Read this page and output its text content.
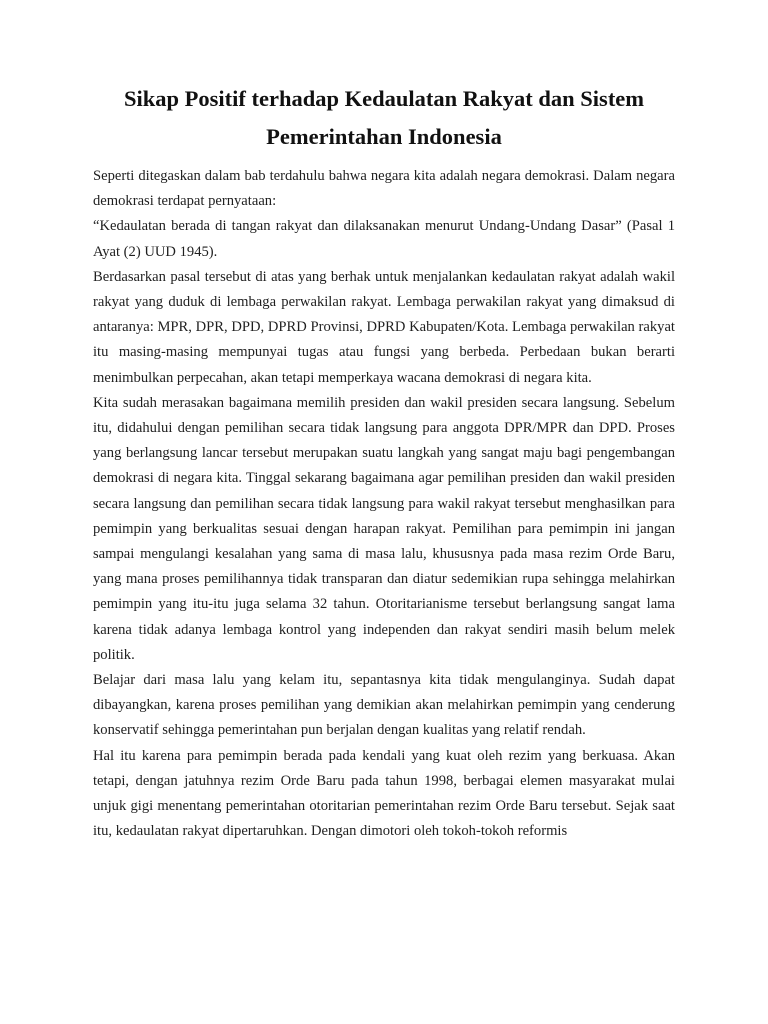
Sikap Positif terhadap Kedaulatan Rakyat dan Sistem
Pemerintahan Indonesia

Seperti ditegaskan dalam bab terdahulu bahwa negara kita adalah negara demokrasi. Dalam negara demokrasi terdapat pernyataan:

“Kedaulatan berada di tangan rakyat dan dilaksanakan menurut Undang-Undang Dasar” (Pasal 1 Ayat (2) UUD 1945).

Berdasarkan pasal tersebut di atas yang berhak untuk menjalankan kedaulatan rakyat adalah wakil rakyat yang duduk di lembaga perwakilan rakyat. Lembaga perwakilan rakyat yang dimaksud di antaranya: MPR, DPR, DPD, DPRD Provinsi, DPRD Kabupaten/Kota. Lembaga perwakilan rakyat itu masing-masing mempunyai tugas atau fungsi yang berbeda. Perbedaan bukan berarti menimbulkan perpecahan, akan tetapi memperkaya wacana demokrasi di negara kita.

Kita sudah merasakan bagaimana memilih presiden dan wakil presiden secara langsung. Sebelum itu, didahului dengan pemilihan secara tidak langsung para anggota DPR/MPR dan DPD. Proses yang berlangsung lancar tersebut merupakan suatu langkah yang sangat maju bagi pengembangan demokrasi di negara kita. Tinggal sekarang bagaimana agar pemilihan presiden dan wakil presiden secara langsung dan pemilihan secara tidak langsung para wakil rakyat tersebut menghasilkan para pemimpin yang berkualitas sesuai dengan harapan rakyat. Pemilihan para pemimpin ini jangan sampai mengulangi kesalahan yang sama di masa lalu, khususnya pada masa rezim Orde Baru, yang mana proses pemilihannya tidak transparan dan diatur sedemikian rupa sehingga melahirkan pemimpin yang itu-itu juga selama 32 tahun. Otoritarianisme tersebut berlangsung sangat lama karena tidak adanya lembaga kontrol yang independen dan rakyat sendiri masih belum melek politik.

Belajar dari masa lalu yang kelam itu, sepantasnya kita tidak mengulanginya. Sudah dapat dibayangkan, karena proses pemilihan yang demikian akan melahirkan pemimpin yang cenderung konservatif sehingga pemerintahan pun berjalan dengan kualitas yang relatif rendah.

Hal itu karena para pemimpin berada pada kendali yang kuat oleh rezim yang berkuasa. Akan tetapi, dengan jatuhnya rezim Orde Baru pada tahun 1998, berbagai elemen masyarakat mulai unjuk gigi menentang pemerintahan otoritarian pemerintahan rezim Orde Baru tersebut. Sejak saat itu, kedaulatan rakyat dipertaruhkan. Dengan dimotori oleh tokoh-tokoh reformis
